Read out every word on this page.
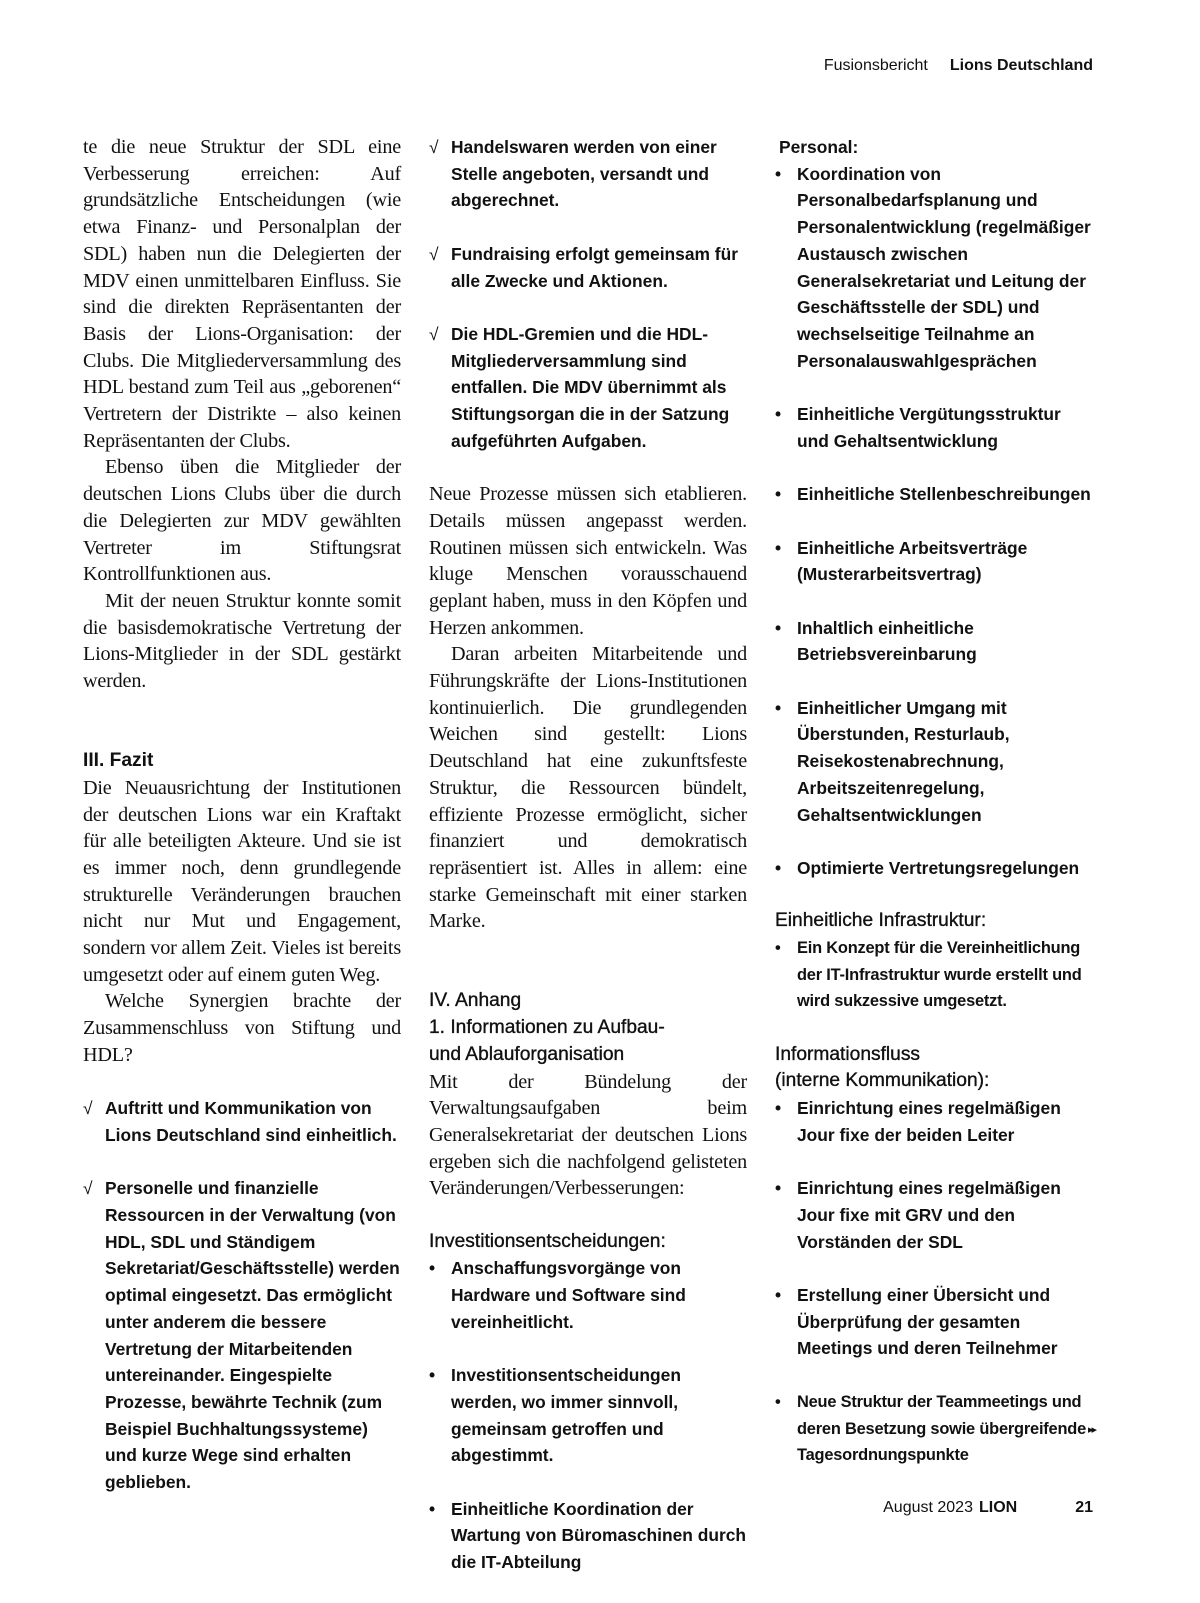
Fusionsbericht Lions Deutschland

te die neue Struktur der SDL eine Verbesserung erreichen: Auf grundsätzliche Entscheidungen (wie etwa Finanz- und Personalplan der SDL) haben nun die Delegierten der MDV einen unmittelbaren Einfluss. Sie sind die direkten Repräsentanten der Basis der Lions-Organisation: der Clubs. Die Mitgliederversammlung des HDL bestand zum Teil aus „geborenen“ Vertretern der Distrikte – also keinen Repräsentanten der Clubs.

Ebenso üben die Mitglieder der deutschen Lions Clubs über die durch die Delegierten zur MDV gewählten Vertreter im Stiftungsrat Kontrollfunktionen aus.

Mit der neuen Struktur konnte somit die basisdemokratische Vertretung der Lions-Mitglieder in der SDL gestärkt werden.

III. Fazit

Die Neuausrichtung der Institutionen der deutschen Lions war ein Kraftakt für alle beteiligten Akteure. Und sie ist es immer noch, denn grundlegende strukturelle Veränderungen brauchen nicht nur Mut und Engagement, sondern vor allem Zeit. Vieles ist bereits umgesetzt oder auf einem guten Weg.

Welche Synergien brachte der Zusammenschluss von Stiftung und HDL?

√ Auftritt und Kommunikation von Lions Deutschland sind einheitlich.
√ Personelle und finanzielle Ressourcen in der Verwaltung (von HDL, SDL und Ständigem Sekretariat/Geschäftsstelle) werden optimal eingesetzt. Das ermöglicht unter anderem die bessere Vertretung der Mitarbeitenden untereinander. Eingespielte Prozesse, bewährte Technik (zum Beispiel Buchhaltungssysteme) und kurze Wege sind erhalten geblieben.
√ Handelswaren werden von einer Stelle angeboten, versandt und abgerechnet.
√ Fundraising erfolgt gemeinsam für alle Zwecke und Aktionen.
√ Die HDL-Gremien und die HDL-Mitgliederversammlung sind entfallen. Die MDV übernimmt als Stiftungsorgan die in der Satzung aufgeführten Aufgaben.

Neue Prozesse müssen sich etablieren. Details müssen angepasst werden. Routinen müssen sich entwickeln. Was kluge Menschen vorausschauend geplant haben, muss in den Köpfen und Herzen ankommen.

Daran arbeiten Mitarbeitende und Führungskräfte der Lions-Institutionen kontinuierlich. Die grundlegenden Weichen sind gestellt: Lions Deutschland hat eine zukunftsfeste Struktur, die Ressourcen bündelt, effiziente Prozesse ermöglicht, sicher finanziert und demokratisch repräsentiert ist. Alles in allem: eine starke Gemeinschaft mit einer starken Marke.

IV. Anhang

1. Informationen zu Aufbau-

und Ablauforganisation

Mit der Bündelung der Verwaltungsaufgaben beim Generalsekretariat der deutschen Lions ergeben sich die nachfolgend gelisteten Veränderungen/Verbesserungen:

Investitionsentscheidungen:

• Anschaffungsvorgänge von Hardware und Software sind vereinheitlicht.
• Investitionsentscheidungen werden, wo immer sinnvoll, gemeinsam getroffen und abgestimmt.
• Einheitliche Koordination der Wartung von Büromaschinen durch die IT-Abteilung

Personal:

• Koordination von Personalbedarfsplanung und Personalentwicklung (regelmäßiger Austausch zwischen Generalsekretariat und Leitung der Geschäftsstelle der SDL) und wechselseitige Teilnahme an Personalauswahlgesprächen
• Einheitliche Vergütungsstruktur und Gehaltsentwicklung
• Einheitliche Stellenbeschreibungen
• Einheitliche Arbeitsverträge (Musterarbeitsvertrag)
• Inhaltlich einheitliche Betriebsvereinbarung
• Einheitlicher Umgang mit Überstunden, Resturlaub, Reisekostenabrechnung, Arbeitszeitenregelung, Gehaltsentwicklungen
• Optimierte Vertretungsregelungen

Einheitliche Infrastruktur:

• Ein Konzept für die Vereinheitlichung der IT-Infrastruktur wurde erstellt und wird sukzessive umgesetzt.

Informationsfluss

(interne Kommunikation):

• Einrichtung eines regelmäßigen Jour fixe der beiden Leiter
• Einrichtung eines regelmäßigen Jour fixe mit GRV und den Vorständen der SDL
• Erstellung einer Übersicht und Überprüfung der gesamten Meetings und deren Teilnehmer
• Neue Struktur der Teammeetings und deren Besetzung sowie übergreifende Tagesordnungspunkte
▸▸
August 2023 LION	21
